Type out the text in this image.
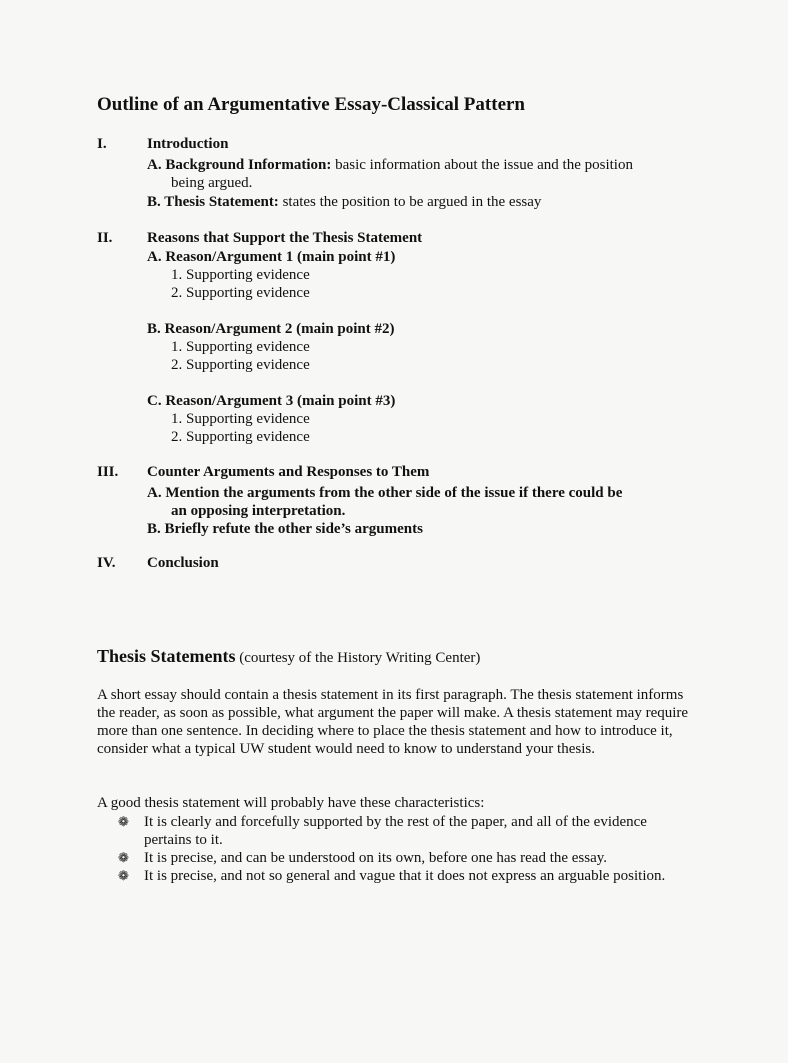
Outline of an Argumentative Essay-Classical Pattern
I.	Introduction
A. Background Information: basic information about the issue and the position
being argued.
B. Thesis Statement: states the position to be argued in the essay
II. Reasons that Support the Thesis Statement
A. Reason/Argument 1 (main point #1)
1. Supporting evidence
2. Supporting evidence
B. Reason/Argument 2 (main point #2)
1. Supporting evidence
2. Supporting evidence
C. Reason/Argument 3 (main point #3)
1. Supporting evidence
2. Supporting evidence
III. Counter Arguments and Responses to Them
A. Mention the arguments from the other side of the issue if there could be
an opposing interpretation.
B. Briefly refute the other side’s arguments
IV. Conclusion
Thesis Statements (courtesy of the History Writing Center)

A short essay should contain a thesis statement in its first paragraph. The thesis statement informs the reader, as soon as possible, what argument the paper will make. A thesis statement may require more than one sentence. In deciding where to place the thesis statement and how to introduce it, consider what a typical UW student would need to know to understand your thesis.

A good thesis statement will probably have these characteristics:

❁	It is clearly and forcefully supported by the rest of the paper, and all of the evidence pertains to it.
❁	It is precise, and can be understood on its own, before one has read the essay.
❁	It is precise, and not so general and vague that it does not express an arguable position.
